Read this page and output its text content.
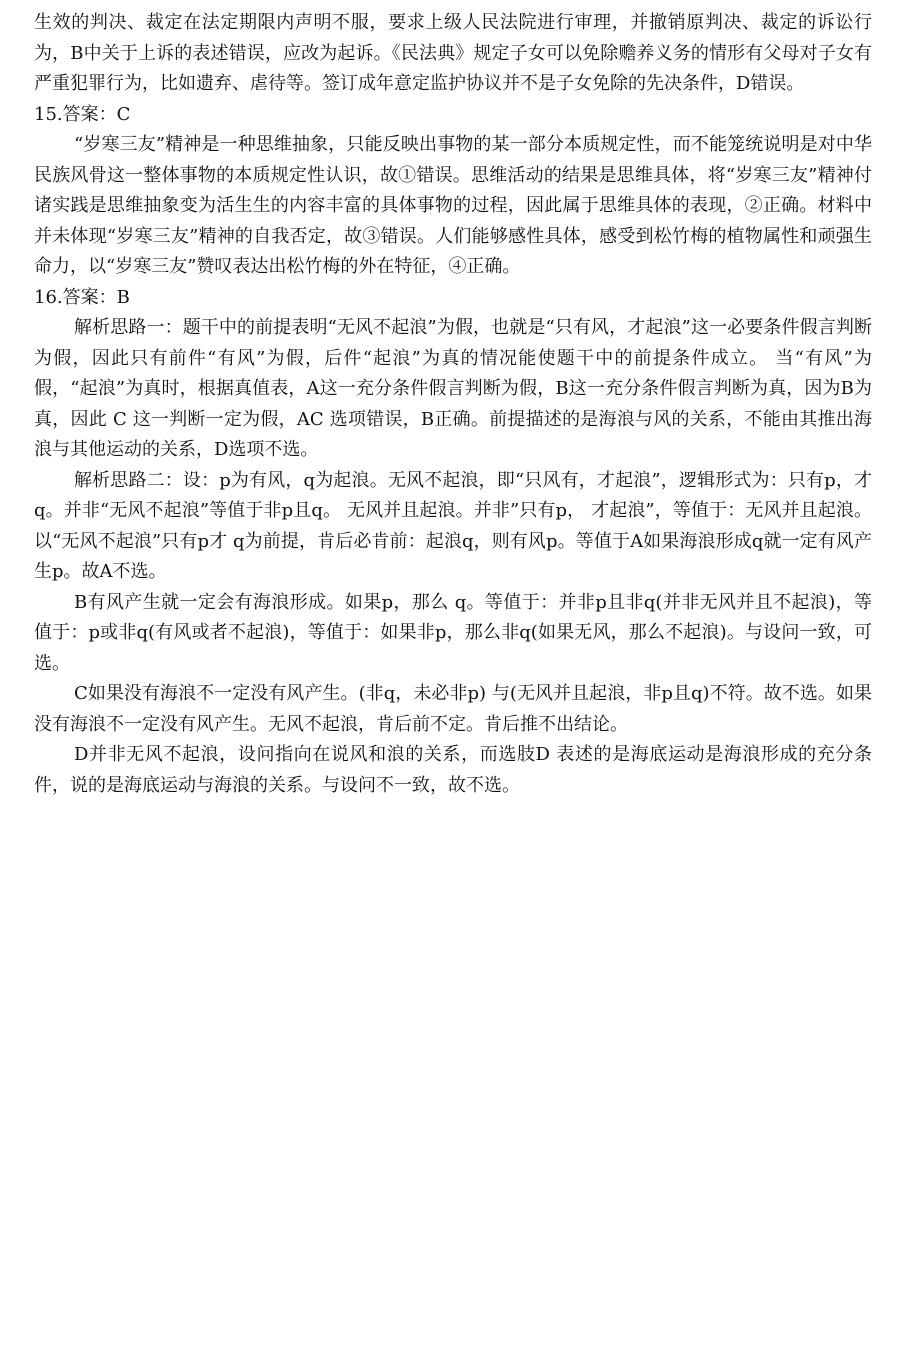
生效的判决、裁定在法定期限内声明不服，要求上级人民法院进行审理，并撤销原判决、裁定的诉讼行为，B中关于上诉的表述错误，应改为起诉。《民法典》规定子女可以免除赡养义务的情形有父母对子女有严重犯罪行为，比如遗弃、虐待等。签订成年意定监护协议并不是子女免除的先决条件，D错误。

15.答案：C

“岁寒三友”精神是一种思维抽象，只能反映出事物的某一部分本质规定性，而不能笼统说明是对中华民族风骨这一整体事物的本质规定性认识，故①错误。思维活动的结果是思维具体，将“岁寒三友”精神付诸实践是思维抽象变为活生生的内容丰富的具体事物的过程，因此属于思维具体的表现，②正确。材料中并未体现“岁寒三友”精神的自我否定，故③错误。人们能够感性具体，感受到松竹梅的植物属性和顽强生命力，以“岁寒三友”赞叹表达出松竹梅的外在特征，④正确。

16.答案：B

解析思路一：题干中的前提表明“无风不起浪”为假，也就是“只有风，才起浪”这一必要条件假言判断为假，因此只有前件“有风”为假，后件“起浪”为真的情况能使题干中的前提条件成立。 当“有风”为假，“起浪”为真时，根据真值表，A这一充分条件假言判断为假，B这一充分条件假言判断为真，因为B为真，因此 C 这一判断一定为假，AC 选项错误，B正确。前提描述的是海浪与风的关系，不能由其推出海浪与其他运动的关系，D选项不选。

解析思路二：设：p为有风，q为起浪。无风不起浪，即“只风有，才起浪”，逻辑形式为：只有p，才 q。并非“无风不起浪”等值于非p且q。 无风并且起浪。并非”只有p， 才起浪”，等值于：无风并且起浪。 以“无风不起浪”只有p才 q为前提，肯后必肯前：起浪q，则有风p。等值于A如果海浪形成q就一定有风产生p。故A不选。

B有风产生就一定会有海浪形成。如果p，那么 q。等值于：并非p且非q(并非无风并且不起浪)，等值于：p或非q(有风或者不起浪)，等值于：如果非p，那么非q(如果无风，那么不起浪)。与设问一致，可选。

C如果没有海浪不一定没有风产生。(非q，未必非p) 与(无风并且起浪，非p且q)不符。故不选。如果没有海浪不一定没有风产生。无风不起浪，肯后前不定。肯后推不出结论。

D并非无风不起浪，设问指向在说风和浪的关系，而选肢D 表述的是海底运动是海浪形成的充分条件，说的是海底运动与海浪的关系。与设问不一致，故不选。
